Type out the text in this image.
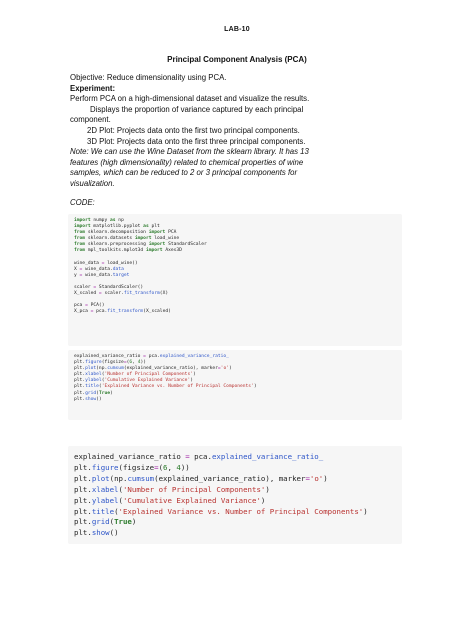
LAB-10
Principal Component Analysis (PCA)
Objective: Reduce dimensionality using PCA.
Experiment:
Perform PCA on a high-dimensional dataset and visualize the results.
Displays the proportion of variance captured by each principal
component.
2D Plot: Projects data onto the first two principal components.
3D Plot: Projects data onto the first three principal components.
Note: We can use the Wine Dataset from the sklearn library. It has 13
features (high dimensionality) related to chemical properties of wine
samples, which can be reduced to 2 or 3 principal components for
visualization.
CODE:
import numpy as np
import matplotlib.pyplot as plt
from sklearn.decomposition import PCA
from sklearn.datasets import load_wine
from sklearn.preprocessing import StandardScaler
from mpl_toolkits.mplot3d import Axes3D

wine_data = load_wine()
X = wine_data.data
y = wine_data.target

scaler = StandardScaler()
X_scaled = scaler.fit_transform(X)

pca = PCA()
X_pca = pca.fit_transform(X_scaled)
explained_variance_ratio = pca.explained_variance_ratio_
plt.figure(figsize=(6, 4))
plt.plot(np.cumsum(explained_variance_ratio), marker='o')
plt.xlabel('Number of Principal Components')
plt.ylabel('Cumulative Explained Variance')
plt.title('Explained Variance vs. Number of Principal Components')
plt.grid(True)
plt.show()
explained_variance_ratio = pca.explained_variance_ratio_
plt.figure(figsize=(6, 4))
plt.plot(np.cumsum(explained_variance_ratio), marker='o')
plt.xlabel('Number of Principal Components')
plt.ylabel('Cumulative Explained Variance')
plt.title('Explained Variance vs. Number of Principal Components')
plt.grid(True)
plt.show()
